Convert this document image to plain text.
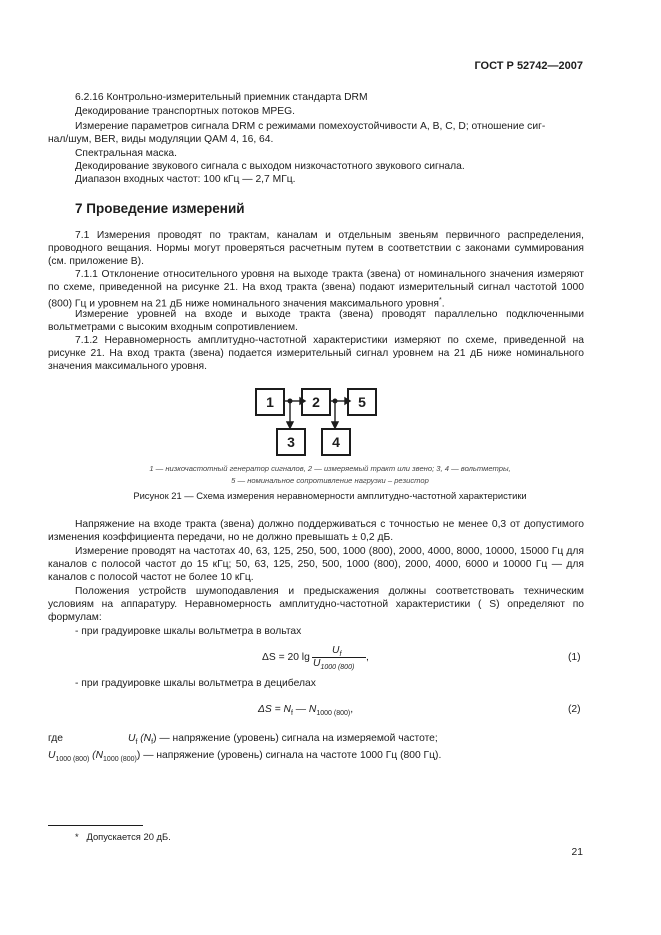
ГОСТ Р 52742—2007
6.2.16 Контрольно-измерительный приемник стандарта DRM
Декодирование транспортных потоков MPEG.
Измерение параметров сигнала DRM с режимами помехоустойчивости A, B, C, D; отношение сиг-
нал/шум, BER, виды модуляции QAM 4, 16, 64.
Спектральная маска.
Декодирование звукового сигнала с выходом низкочастотного звукового сигнала.
Диапазон входных частот: 100 кГц — 2,7 МГц.
7 Проведение измерений
7.1 Измерения проводят по трактам, каналам и отдельным звеньям первичного распределения, проводного вещания. Нормы могут проверяться расчетным путем в соответствии с законами суммирования (см. приложение В).
7.1.1 Отклонение относительного уровня на выходе тракта (звена) от номинального значения измеряют по схеме, приведенной на рисунке 21. На вход тракта (звена) подают измерительный сигнал частотой 1000 (800) Гц и уровнем на 21 дБ ниже номинального значения максимального уровня*.
Измерение уровней на входе и выходе тракта (звена) проводят параллельно подключенными вольтметрами с высоким входным сопротивлением.
7.1.2 Неравномерность амплитудно-частотной характеристики измеряют по схеме, приведенной на рисунке 21. На вход тракта (звена) подается измерительный сигнал уровнем на 21 дБ ниже номинального значения максимального уровня.
1	2	5
3	4
1 — низкочастотный генератор сигналов, 2 — измеряемый тракт или звено; 3, 4 — вольтметры,
5 — номинальное сопротивление нагрузки – резистор
Рисунок 21 — Схема измерения неравномерности амплитудно-частотной характеристики
Напряжение на входе тракта (звена) должно поддерживаться с точностью не менее 0,3 от допустимого изменения коэффициента передачи, но не должно превышать ± 0,2 дБ.
Измерение проводят на частотах 40, 63, 125, 250, 500, 1000 (800), 2000, 4000, 8000, 10000, 15000 Гц для каналов с полосой частот до 15 кГц; 50, 63, 125, 250, 500, 1000 (800), 2000, 4000, 6000 и 10000 Гц — для каналов с полосой частот не более 10 кГц.
Положения устройств шумоподавления и предыскажения должны соответствовать техническим условиям на аппаратуру. Неравномерность амплитудно-частотной характеристики ( S) определяют по формулам:
- при градуировке шкалы вольтметра в вольтах
ΔS = 20 lg
$U_f$
$U_{1000 (800)}$
,	(1)
- при градуировке шкалы вольтметра в децибелах
$\Delta S = N_f$ — $N_{1000 (800)}$,	(2)
где	$U_f$ $(N_f)$ — напряжение (уровень) сигнала на измеряемой частоте;
$U_{1000 (800)}$ $(N_{1000 (800)})$ — напряжение (уровень) сигнала на частоте 1000 Гц (800 Гц).
* Допускается 20 дБ.
21
